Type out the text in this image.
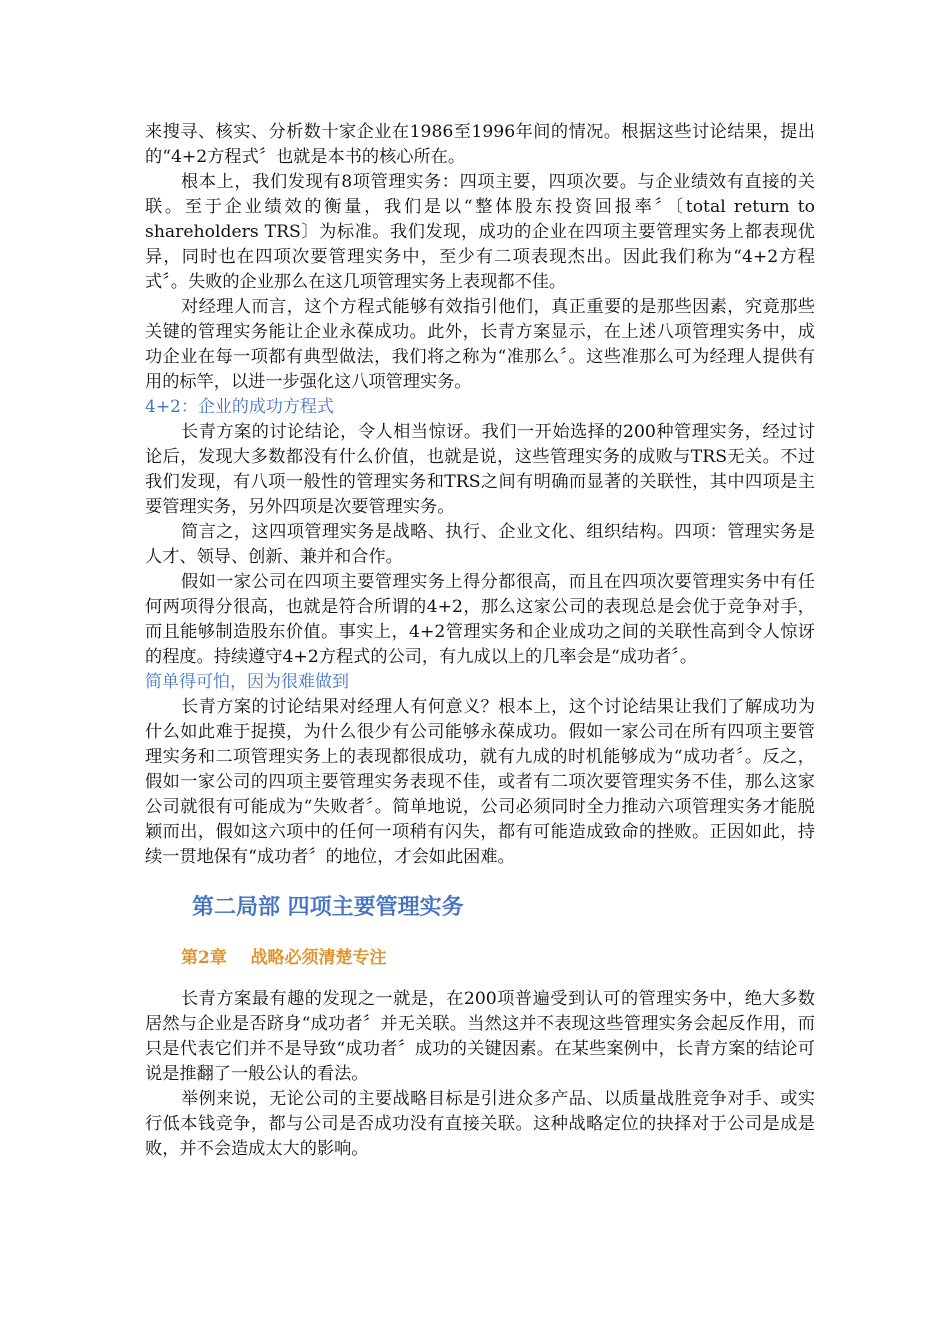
来搜寻、核实、分析数十家企业在1986至1996年间的情况。根据这些讨论结果，提出的“4+2方程式〞也就是本书的核心所在。

根本上，我们发现有8项管理实务：四项主要，四项次要。与企业绩效有直接的关联。至于企业绩效的衡量，我们是以“整体股东投资回报率〞〔total return to shareholders TRS〕为标准。我们发现，成功的企业在四项主要管理实务上都表现优异，同时也在四项次要管理实务中，至少有二项表现杰出。因此我们称为“4+2方程式〞。失败的企业那么在这几项管理实务上表现都不佳。

对经理人而言，这个方程式能够有效指引他们，真正重要的是那些因素，究竟那些关键的管理实务能让企业永葆成功。此外，长青方案显示，在上述八项管理实务中，成功企业在每一项都有典型做法，我们将之称为“准那么〞。这些准那么可为经理人提供有用的标竿，以进一步强化这八项管理实务。

4+2：企业的成功方程式

长青方案的讨论结论，令人相当惊讶。我们一开始选择的200种管理实务，经过讨论后，发现大多数都没有什么价值，也就是说，这些管理实务的成败与TRS无关。不过我们发现，有八项一般性的管理实务和TRS之间有明确而显著的关联性，其中四项是主要管理实务，另外四项是次要管理实务。

简言之，这四项管理实务是战略、执行、企业文化、组织结构。四项：管理实务是人才、领导、创新、兼并和合作。

假如一家公司在四项主要管理实务上得分都很高，而且在四项次要管理实务中有任何两项得分很高，也就是符合所谓的4+2，那么这家公司的表现总是会优于竞争对手，而且能够制造股东价值。事实上，4+2管理实务和企业成功之间的关联性高到令人惊讶的程度。持续遵守4+2方程式的公司，有九成以上的几率会是“成功者〞。

简单得可怕，因为很难做到

长青方案的讨论结果对经理人有何意义？根本上，这个讨论结果让我们了解成功为什么如此难于捉摸，为什么很少有公司能够永葆成功。假如一家公司在所有四项主要管理实务和二项管理实务上的表现都很成功，就有九成的时机能够成为“成功者〞。反之，假如一家公司的四项主要管理实务表现不佳，或者有二项次要管理实务不佳，那么这家公司就很有可能成为“失败者〞。简单地说，公司必须同时全力推动六项管理实务才能脱颖而出，假如这六项中的任何一项稍有闪失，都有可能造成致命的挫败。正因如此，持续一贯地保有“成功者〞的地位，才会如此困难。

第二局部 四项主要管理实务
第2章    战略必须清楚专注

长青方案最有趣的发现之一就是，在200项普遍受到认可的管理实务中，绝大多数居然与企业是否跻身“成功者〞并无关联。当然这并不表现这些管理实务会起反作用，而只是代表它们并不是导致“成功者〞成功的关键因素。在某些案例中，长青方案的结论可说是推翻了一般公认的看法。

举例来说，无论公司的主要战略目标是引进众多产品、以质量战胜竞争对手、或实行低本钱竞争，都与公司是否成功没有直接关联。这种战略定位的抉择对于公司是成是败，并不会造成太大的影响。
